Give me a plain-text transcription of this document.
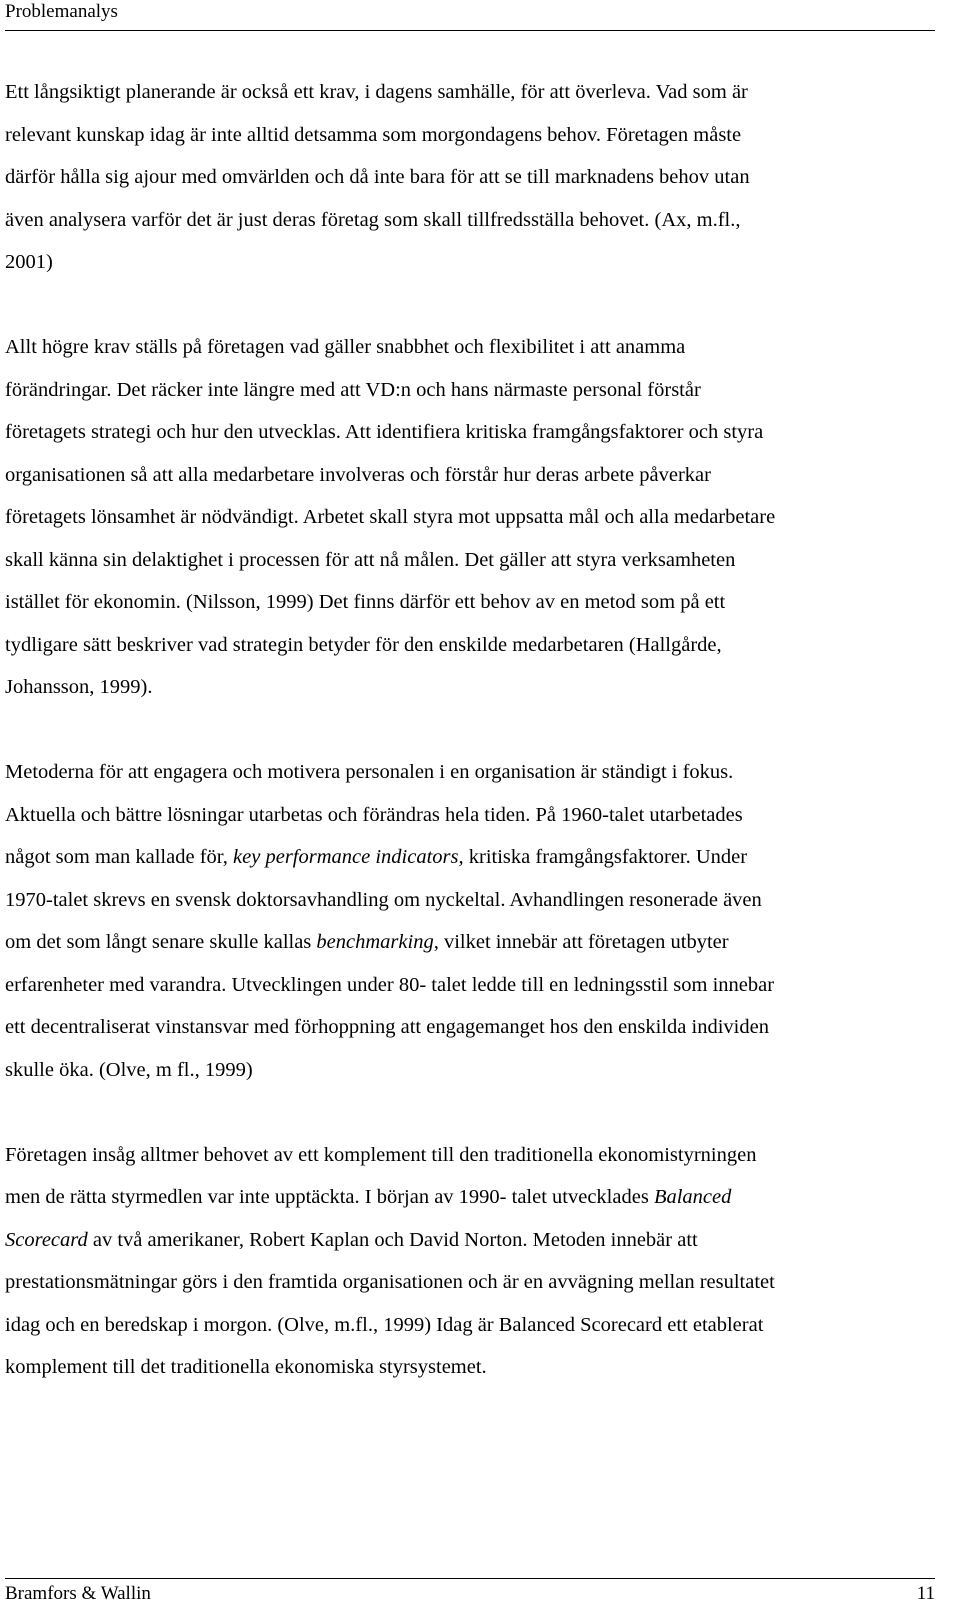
Problemanalys

Ett långsiktigt planerande är också ett krav, i dagens samhälle, för att överleva. Vad som är
relevant kunskap idag är inte alltid detsamma som morgondagens behov. Företagen måste
därför hålla sig ajour med omvärlden och då inte bara för att se till marknadens behov utan
även analysera varför det är just deras företag som skall tillfredsställa behovet. (Ax, m.fl.,
2001)

Allt högre krav ställs på företagen vad gäller snabbhet och flexibilitet i att anamma
förändringar. Det räcker inte längre med att VD:n och hans närmaste personal förstår
företagets strategi och hur den utvecklas. Att identifiera kritiska framgångsfaktorer och styra
organisationen så att alla medarbetare involveras och förstår hur deras arbete påverkar
företagets lönsamhet är nödvändigt. Arbetet skall styra mot uppsatta mål och alla medarbetare
skall känna sin delaktighet i processen för att nå målen. Det gäller att styra verksamheten
istället för ekonomin. (Nilsson, 1999) Det finns därför ett behov av en metod som på ett
tydligare sätt beskriver vad strategin betyder för den enskilde medarbetaren (Hallgårde,
Johansson, 1999).

Metoderna för att engagera och motivera personalen i en organisation är ständigt i fokus.
Aktuella och bättre lösningar utarbetas och förändras hela tiden. På 1960-talet utarbetades
något som man kallade för, key performance indicators, kritiska framgångsfaktorer. Under
1970-talet skrevs en svensk doktorsavhandling om nyckeltal. Avhandlingen resonerade även
om det som långt senare skulle kallas benchmarking, vilket innebär att företagen utbyter
erfarenheter med varandra. Utvecklingen under 80- talet ledde till en ledningsstil som innebar
ett decentraliserat vinstansvar med förhoppning att engagemanget hos den enskilda individen
skulle öka. (Olve, m fl., 1999)

Företagen insåg alltmer behovet av ett komplement till den traditionella ekonomistyrningen
men de rätta styrmedlen var inte upptäckta. I början av 1990- talet utvecklades Balanced
Scorecard av två amerikaner, Robert Kaplan och David Norton. Metoden innebär att
prestationsmätningar görs i den framtida organisationen och är en avvägning mellan resultatet
idag och en beredskap i morgon. (Olve, m.fl., 1999) Idag är Balanced Scorecard ett etablerat
komplement till det traditionella ekonomiska styrsystemet.

Bramfors & Wallin	11
